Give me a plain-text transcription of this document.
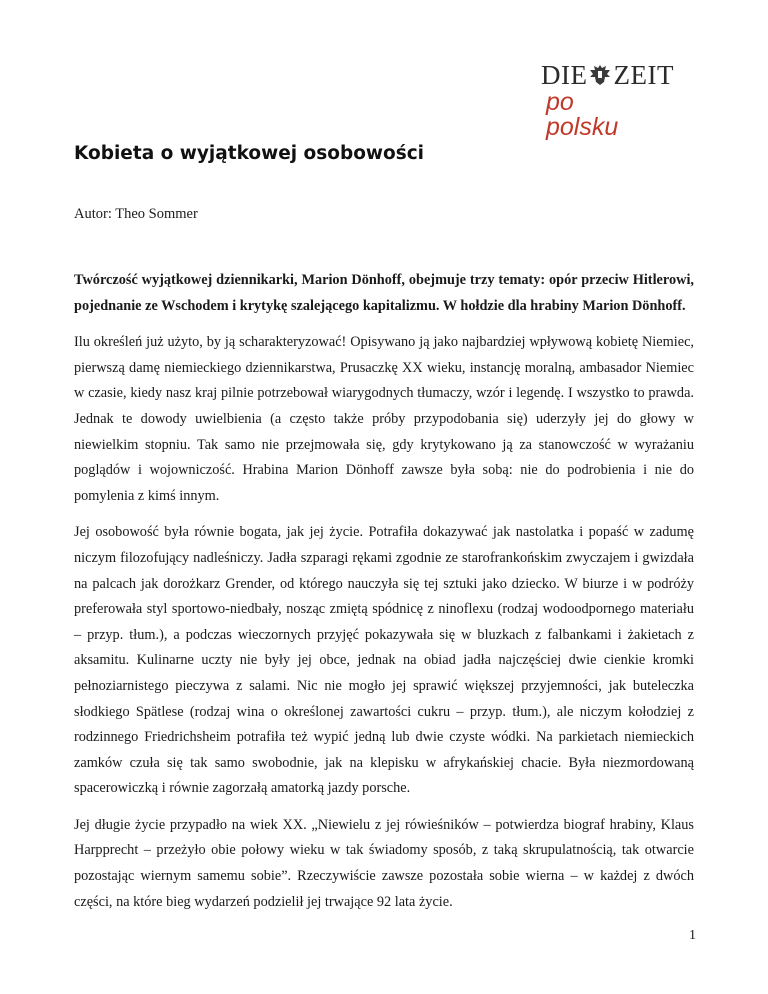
DIE ZEIT
po
polsku
Kobieta o wyjątkowej osobowości
Autor: Theo Sommer

Twórczość wyjątkowej dziennikarki, Marion Dönhoff, obejmuje trzy tematy: opór przeciw Hitlerowi, pojednanie ze Wschodem i krytykę szalejącego kapitalizmu. W hołdzie dla hrabiny Marion Dönhoff.

Ilu określeń już użyto, by ją scharakteryzować! Opisywano ją jako najbardziej wpływową kobietę Niemiec, pierwszą damę niemieckiego dziennikarstwa, Prusaczkę XX wieku, instancję moralną, ambasador Niemiec w czasie, kiedy nasz kraj pilnie potrzebował wiarygodnych tłumaczy, wzór i legendę. I wszystko to prawda. Jednak te dowody uwielbienia (a często także próby przypodobania się) uderzyły jej do głowy w niewielkim stopniu. Tak samo nie przejmowała się, gdy krytykowano ją za stanowczość w wyrażaniu poglądów i wojowniczość. Hrabina Marion Dönhoff zawsze była sobą: nie do podrobienia i nie do pomylenia z kimś innym.

Jej osobowość była równie bogata, jak jej życie. Potrafiła dokazywać jak nastolatka i popaść w zadumę niczym filozofujący nadleśniczy. Jadła szparagi rękami zgodnie ze starofrankońskim zwyczajem i gwizdała na palcach jak dorożkarz Grender, od którego nauczyła się tej sztuki jako dziecko. W biurze i w podróży preferowała styl sportowo-niedbały, nosząc zmiętą spódnicę z ninoflexu (rodzaj wodoodpornego materiału – przyp. tłum.), a podczas wieczornych przyjęć pokazywała się w bluzkach z falbankami i żakietach z aksamitu. Kulinarne uczty nie były jej obce, jednak na obiad jadła najczęściej dwie cienkie kromki pełnoziarnistego pieczywa z salami. Nic nie mogło jej sprawić większej przyjemności, jak buteleczka słodkiego Spätlese (rodzaj wina o określonej zawartości cukru – przyp. tłum.), ale niczym kołodziej z rodzinnego Friedrichsheim potrafiła też wypić jedną lub dwie czyste wódki. Na parkietach niemieckich zamków czuła się tak samo swobodnie, jak na klepisku w afrykańskiej chacie. Była niezmordowaną spacerowiczką i równie zagorzałą amatorką jazdy porsche.

Jej długie życie przypadło na wiek XX. „Niewielu z jej rówieśników – potwierdza biograf hrabiny, Klaus Harpprecht – przeżyło obie połowy wieku w tak świadomy sposób, z taką skrupulatnością, tak otwarcie pozostając wiernym samemu sobie”. Rzeczywiście zawsze pozostała sobie wierna – w każdej z dwóch części, na które bieg wydarzeń podzielił jej trwające 92 lata życie.

1
